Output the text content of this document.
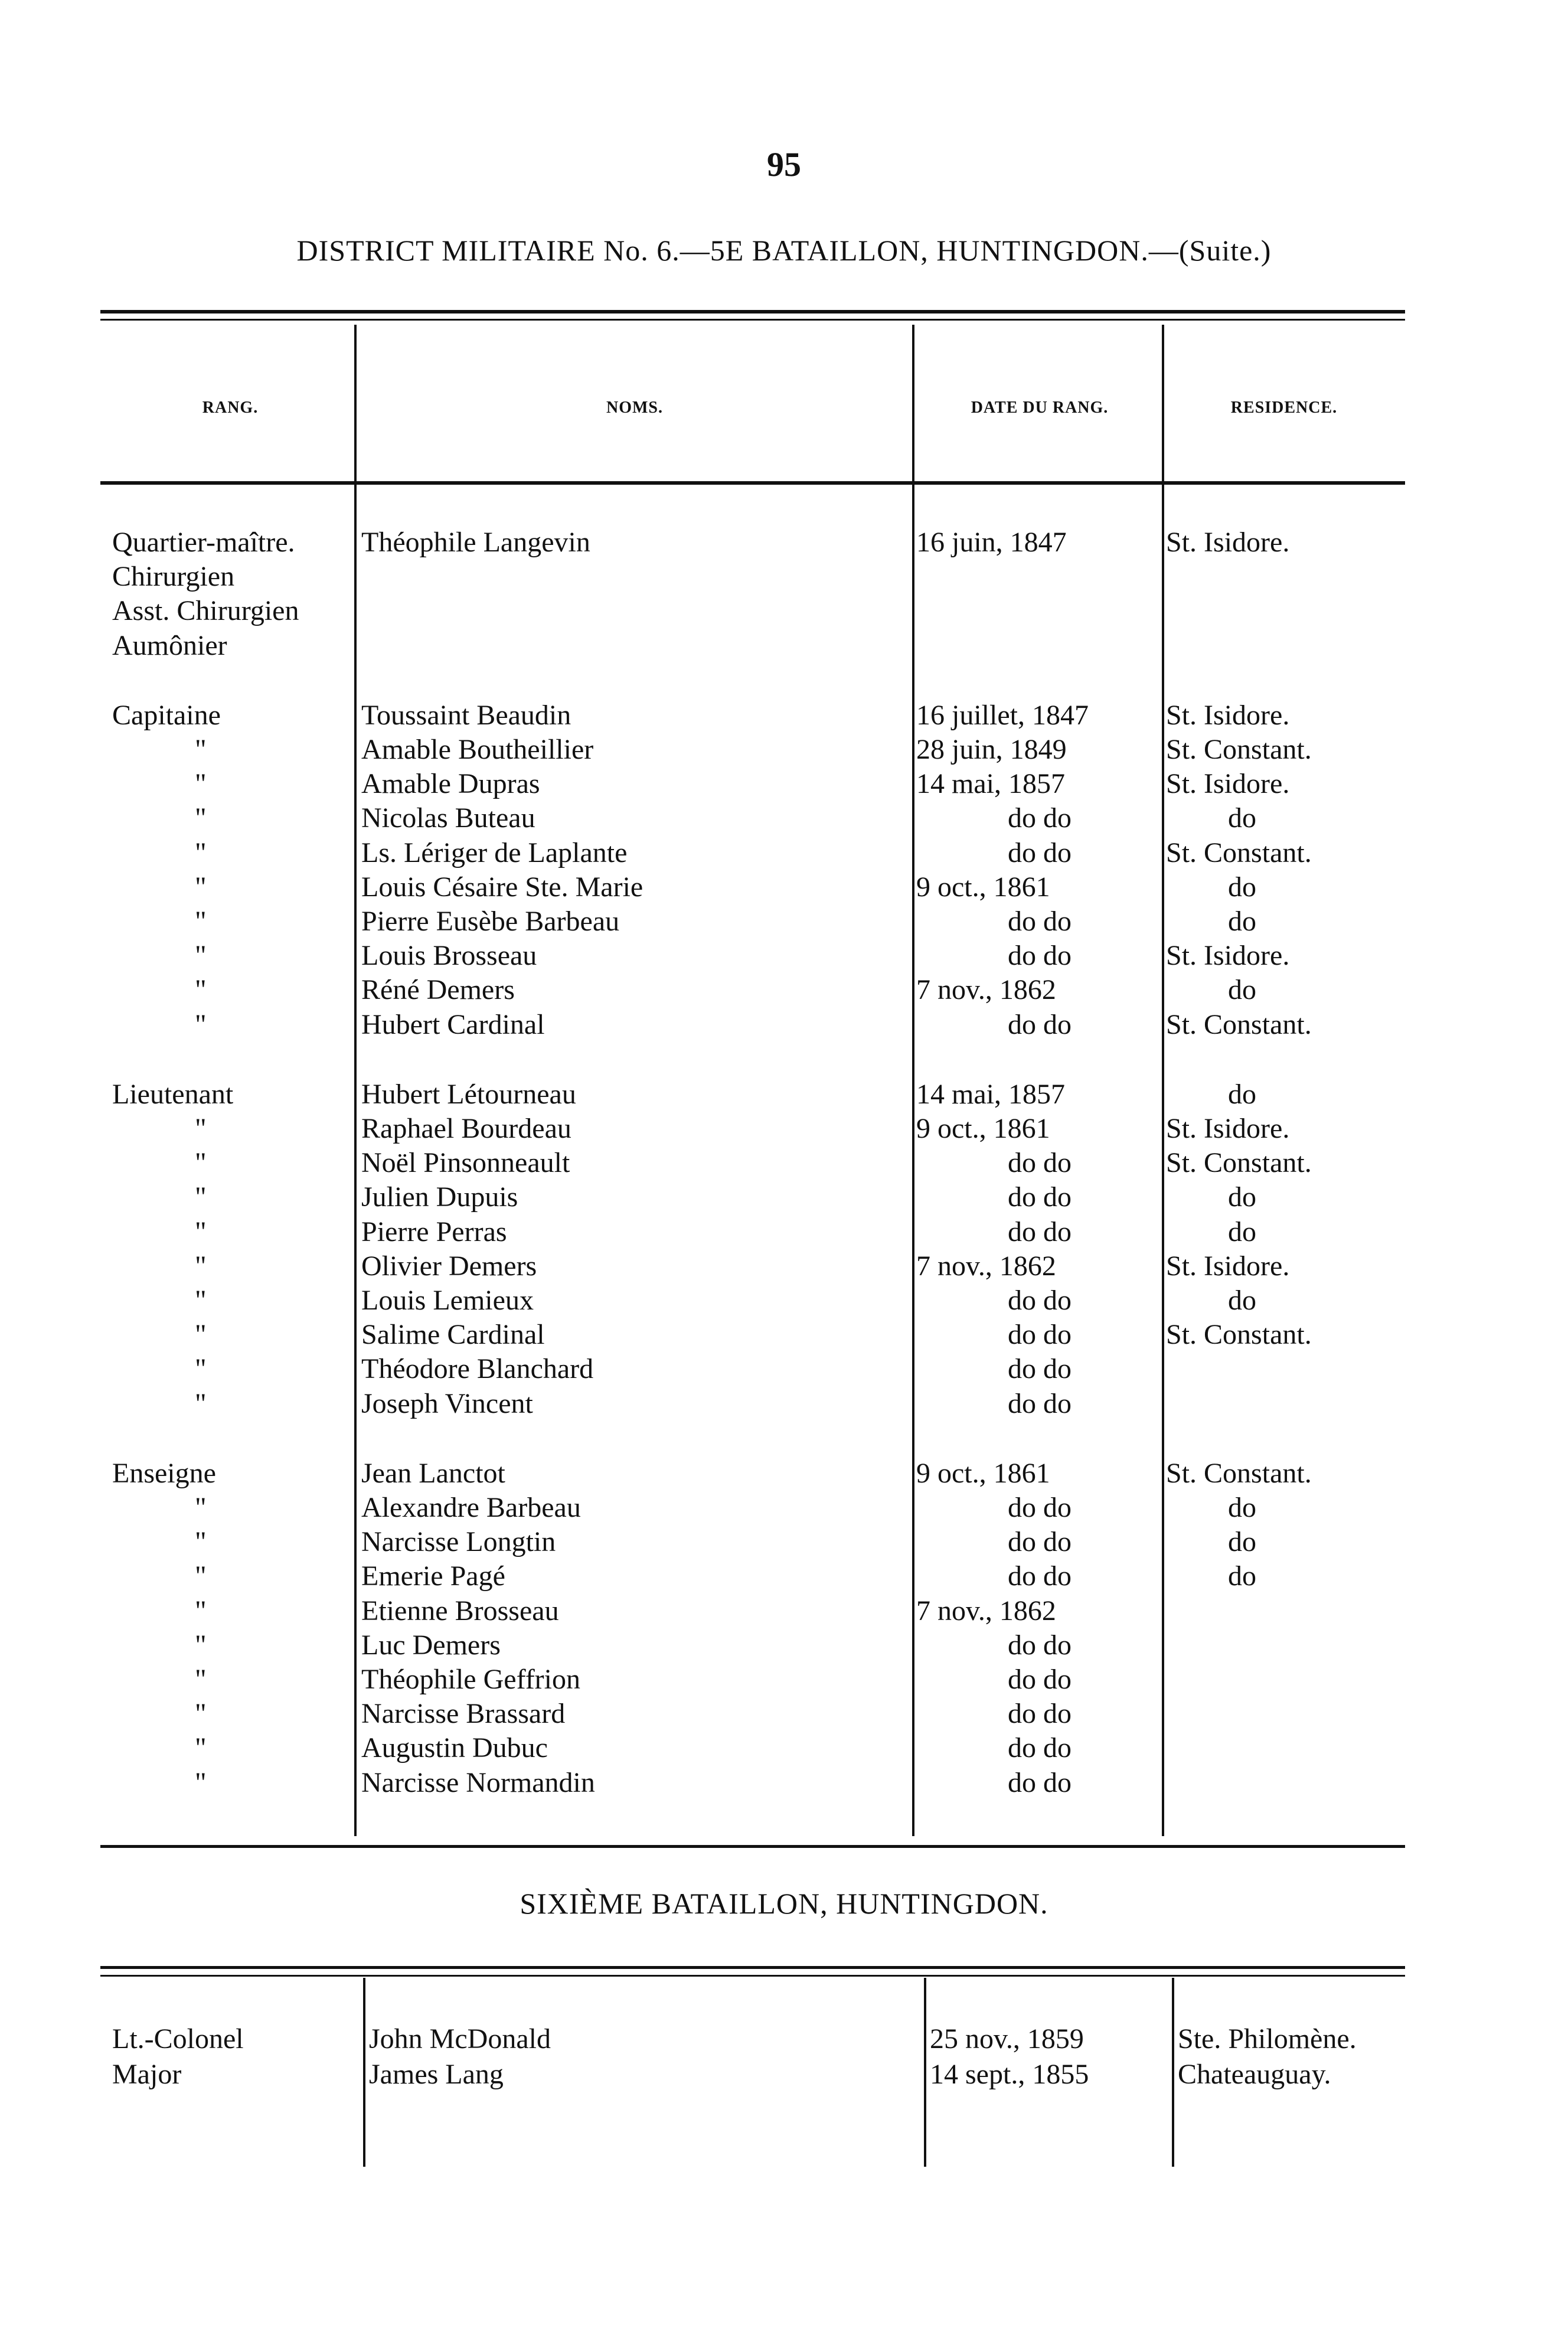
95
DISTRICT MILITAIRE No. 6.—5E BATAILLON, HUNTINGDON.—(Suite.)
RANG.	NOMS.	DATE DU RANG.	RESIDENCE.
Quartier-maître.	Théophile Langevin	16 juin, 1847	St. Isidore.
Chirurgien
Asst. Chirurgien
Aumônier
Capitaine	Toussaint Beaudin	16 juillet, 1847	St. Isidore.
"	Amable Boutheillier	28 juin, 1849	St. Constant.
"	Amable Dupras	14 mai, 1857	St. Isidore.
"	Nicolas Buteau	do do	do
"	Ls. Lériger de Laplante	do do	St. Constant.
"	Louis Césaire Ste. Marie	9 oct., 1861	do
"	Pierre Eusèbe Barbeau	do do	do
"	Louis Brosseau	do do	St. Isidore.
"	Réné Demers	7 nov., 1862	do
"	Hubert Cardinal	do do	St. Constant.
Lieutenant	Hubert Létourneau	14 mai, 1857	do
"	Raphael Bourdeau	9 oct., 1861	St. Isidore.
"	Noël Pinsonneault	do do	St. Constant.
"	Julien Dupuis	do do	do
"	Pierre Perras	do do	do
"	Olivier Demers	7 nov., 1862	St. Isidore.
"	Louis Lemieux	do do	do
"	Salime Cardinal	do do	St. Constant.
"	Théodore Blanchard	do do
"	Joseph Vincent	do do
Enseigne	Jean Lanctot	9 oct., 1861	St. Constant.
"	Alexandre Barbeau	do do	do
"	Narcisse Longtin	do do	do
"	Emerie Pagé	do do	do
"	Etienne Brosseau	7 nov., 1862
"	Luc Demers	do do
"	Théophile Geffrion	do do
"	Narcisse Brassard	do do
"	Augustin Dubuc	do do
"	Narcisse Normandin	do do
SIXIÈME BATAILLON, HUNTINGDON.
Lt.-Colonel	John McDonald	25 nov., 1859	Ste. Philomène.
Major	James Lang	14 sept., 1855	Chateauguay.
